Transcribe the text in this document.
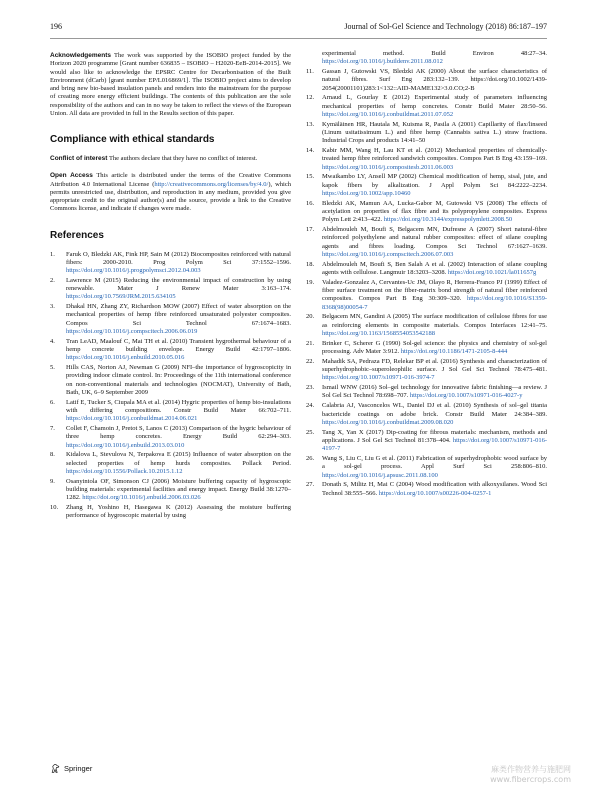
196	Journal of Sol-Gel Science and Technology (2018) 86:187–197

Acknowledgements The work was supported by the ISOBIO project funded by the Horizon 2020 programme [Grant number 636835 – ISOBIO – H2020-EeB-2014-2015]. We would also like to acknowledge the EPSRC Centre for Decarbonisation of the Built Environment (dCarb) [grant number EP/L016869/1]. The ISOBIO project aims to develop and bring new bio-based insulation panels and renders into the mainstream for the purpose of creating more energy efficient buildings. The contents of this publication are the sole responsibility of the authors and can in no way be taken to reflect the views of the European Union. All data are provided in full in the Results section of this paper.

Compliance with ethical standards

Conflict of interest The authors declare that they have no conflict of interest.

Open Access This article is distributed under the terms of the Creative Commons Attribution 4.0 International License (http://creativecommons.org/licenses/by/4.0/), which permits unrestricted use, distribution, and reproduction in any medium, provided you give appropriate credit to the original author(s) and the source, provide a link to the Creative Commons license, and indicate if changes were made.

References
1. Faruk O, Bledzki AK, Fink HP, Sain M (2012) Biocomposites reinforced with natural fibers: 2000-2010. Prog Polym Sci 37:1552–1596. https://doi.org/10.1016/j.progpolymsci.2012.04.003
2. Lawrence M (2015) Reducing the environmental impact of construction by using renewable. Mater J Renew Mater 3:163–174. https://doi.org/10.7569/JRM.2015.634105
3. Dhakal HN, Zhang ZY, Richardson MOW (2007) Effect of water absorption on the mechanical properties of hemp fibre reinforced unsaturated polyester composites. Compos Sci Technol 67:1674–1683. https://doi.org/10.1016/j.compscitech.2006.06.019
4. Tran LeAD, Maalouf C, Mai TH et al. (2010) Transient hygrothermal behaviour of a hemp concrete building envelope. Energy Build 42:1797–1806. https://doi.org/10.1016/j.enbuild.2010.05.016
5. Hills CAS, Norton AJ, Newman G (2009) NFI–the importance of hygroscopicity in providing indoor climate control. In: Proceedings of the 11th international conference on non-conventional materials and technologies (NOCMAT), University of Bath, Bath, UK, 6–9 September 2009
6. Latif E, Tucker S, Ciupala MA et al. (2014) Hygric properties of hemp bio-insulations with differing compositions. Constr Build Mater 66:702–711. https://doi.org/10.1016/j.conbuildmat.2014.06.021
7. Collet F, Chamoin J, Pretot S, Lanos C (2013) Comparison of the hygric behaviour of three hemp concretes. Energy Build 62:294–303. https://doi.org/10.1016/j.enbuild.2013.03.010
8. Kidalova L, Stevulova N, Terpakova E (2015) Influence of water absorption on the selected properties of hemp hurds composites. Pollack Period. https://doi.org/10.1556/Pollack.10.2015.1.12
9. Osanyintola OF, Simonson CJ (2006) Moisture buffering capacity of hygroscopic building materials: experimental facilities and energy impact. Energy Build 38:1270–1282. https://doi.org/10.1016/j.enbuild.2006.03.026
10. Zhang H, Yoshino H, Hasegawa K (2012) Assessing the moisture buffering performance of hygroscopic material by using
experimental method. Build Environ 48:27–34. https://doi.org/10.1016/j.buildenv.2011.08.012
11. Gassan J, Gutowski VS, Bledzki AK (2000) About the surface characteristics of natural fibres. Surf Eng 283:132–139. https://doi.org/10.1002/1439-2054(20001101)283:1<132::AID-MAME132>3.0.CO;2-B
12. Arnaud L, Gourlay E (2012) Experimental study of parameters influencing mechanical properties of hemp concretes. Constr Build Mater 28:50–56. https://doi.org/10.1016/j.conbuildmat.2011.07.052
13. Kymäläinen HR, Hautala M, Kuisma R, Pasila A (2001) Capillarity of flax/linseed (Linum usitatissimum L.) and fibre hemp (Cannabis sativa L.) straw fractions. Industrial Crops and products 14:41–50
14. Kabir MM, Wang H, Lau KT et al. (2012) Mechanical properties of chemically-treated hemp fibre reinforced sandwich composites. Compos Part B Eng 43:159–169. https://doi.org/10.1016/j.compositesb.2011.06.003
15. Mwaikambo LY, Ansell MP (2002) Chemical modification of hemp, sisal, jute, and kapok fibers by alkalization. J Appl Polym Sci 84:2222–2234. https://doi.org/10.1002/app.10460
16. Bledzki AK, Mamun AA, Lucka-Gabor M, Gutowski VS (2008) The effects of acetylation on properties of flax fibre and its polypropylene composites. Express Polym Lett 2:413–422. https://doi.org/10.3144/expresspolymlett.2008.50
17. Abdelmouleh M, Boufi S, Belgacem MN, Dufresne A (2007) Short natural-fibre reinforced polyethylene and natural rubber composites: effect of silane coupling agents and fibres loading. Compos Sci Technol 67:1627–1639. https://doi.org/10.1016/j.compscitech.2006.07.003
18. Abdelmouleh M, Boufi S, Ben Salah A et al. (2002) Interaction of silane coupling agents with cellulose. Langmuir 18:3203–3208. https://doi.org/10.1021/la011657g
19. Valadez-Gonzalez A, Cervantes-Uc JM, Olayo R, Herrera-Franco PJ (1999) Effect of fiber surface treatment on the fiber-matrix bond strength of natural fiber reinforced composites. Compos Part B Eng 30:309–320. https://doi.org/10.1016/S1359-8368(98)00054-7
20. Belgacem MN, Gandini A (2005) The surface modification of cellulose fibres for use as reinforcing elements in composite materials. Compos Interfaces 12:41–75. https://doi.org/10.1163/1568554053542188
21. Brinker C, Scherer G (1990) Sol-gel science: the physics and chemistry of sol-gel processing. Adv Mater 3:912. https://doi.org/10.1186/1471-2105-8-444
22. Mahadik SA, Pedraza FD, Relekar BP et al. (2016) Synthesis and characterization of superhydrophobic–superoleophilic surface. J Sol Gel Sci Technol 78:475–481. https://doi.org/10.1007/s10971-016-3974-7
23. Ismail WNW (2016) Sol–gel technology for innovative fabric finishing—a review. J Sol Gel Sci Technol 78:698–707. https://doi.org/10.1007/s10971-016-4027-y
24. Calabria AJ, Vasconcelos WL, Daniel DJ et al. (2010) Synthesis of sol–gel titania bactericide coatings on adobe brick. Constr Build Mater 24:384–389. https://doi.org/10.1016/j.conbuildmat.2009.08.020
25. Tang X, Yan X (2017) Dip-coating for fibrous materials: mechanism, methods and applications. J Sol Gel Sci Technol 81:378–404. https://doi.org/10.1007/s10971-016-4197-7
26. Wang S, Liu C, Liu G et al. (2011) Fabrication of superhydrophobic wood surface by a sol-gel process. Appl Surf Sci 258:806–810. https://doi.org/10.1016/j.apsusc.2011.08.100
27. Donath S, Militz H, Mai C (2004) Wood modification with alkoxysilanes. Wood Sci Technol 38:555–566. https://doi.org/10.1007/s00226-004-0257-1
Springer	麻类作物营养与施肥网
www.fibercrops.com
